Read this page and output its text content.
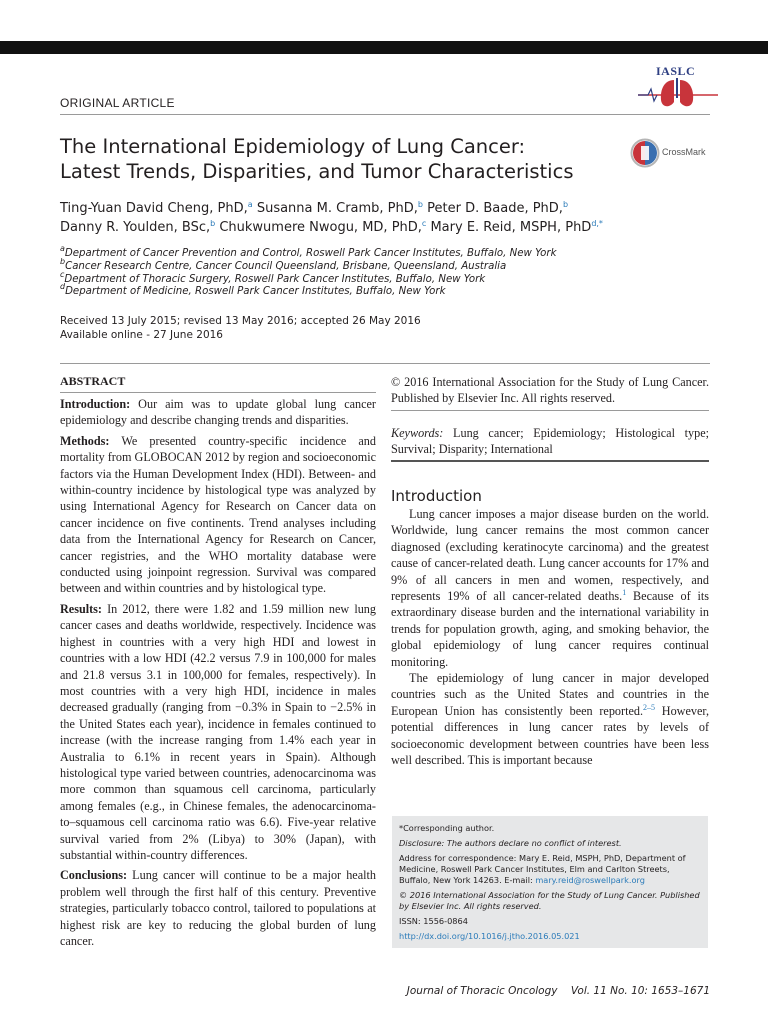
IASLC
ORIGINAL ARTICLE
The International Epidemiology of Lung Cancer:
Latest Trends, Disparities, and Tumor Characteristics
CrossMark
Ting-Yuan David Cheng, PhD,$^a$ Susanna M. Cramb, PhD,$^b$ Peter D. Baade, PhD,$^b$
Danny R. Youlden, BSc,$^b$ Chukwumere Nwogu, MD, PhD,$^c$ Mary E. Reid, MSPH, PhD$^{d,*}$
$^a$Department of Cancer Prevention and Control, Roswell Park Cancer Institutes, Buffalo, New York
$^b$Cancer Research Centre, Cancer Council Queensland, Brisbane, Queensland, Australia
$^c$Department of Thoracic Surgery, Roswell Park Cancer Institutes, Buffalo, New York
$^d$Department of Medicine, Roswell Park Cancer Institutes, Buffalo, New York
Received 13 July 2015; revised 13 May 2016; accepted 26 May 2016
Available online - 27 June 2016
ABSTRACT

Introduction: Our aim was to update global lung cancer epidemiology and describe changing trends and disparities.

Methods: We presented country-specific incidence and mortality from GLOBOCAN 2012 by region and socioeconomic factors via the Human Development Index (HDI). Between- and within-country incidence by histological type was analyzed by using International Agency for Research on Cancer data on cancer incidence on five continents. Trend analyses including data from the International Agency for Research on Cancer, cancer registries, and the WHO mortality database were conducted using joinpoint regression. Survival was compared between and within countries and by histological type.

Results: In 2012, there were 1.82 and 1.59 million new lung cancer cases and deaths worldwide, respectively. Incidence was highest in countries with a very high HDI and lowest in countries with a low HDI (42.2 versus 7.9 in 100,000 for males and 21.8 versus 3.1 in 100,000 for females, respectively). In most countries with a very high HDI, incidence in males decreased gradually (ranging from −0.3% in Spain to −2.5% in the United States each year), incidence in females continued to increase (with the increase ranging from 1.4% each year in Australia to 6.1% in recent years in Spain). Although histological type varied between countries, adenocarcinoma was more common than squamous cell carcinoma, particularly among females (e.g., in Chinese females, the adenocarcinoma-to–squamous cell carcinoma ratio was 6.6). Five-year relative survival varied from 2% (Libya) to 30% (Japan), with substantial within-country differences.

Conclusions: Lung cancer will continue to be a major health problem well through the first half of this century. Preventive strategies, particularly tobacco control, tailored to populations at highest risk are key to reducing the global burden of lung cancer.

© 2016 International Association for the Study of Lung Cancer. Published by Elsevier Inc. All rights reserved.

Keywords: Lung cancer; Epidemiology; Histological type; Survival; Disparity; International

Introduction

Lung cancer imposes a major disease burden on the world. Worldwide, lung cancer remains the most common cancer diagnosed (excluding keratinocyte carcinoma) and the greatest cause of cancer-related death. Lung cancer accounts for 17% and 9% of all cancers in men and women, respectively, and represents 19% of all cancer-related deaths.$^1$ Because of its extraordinary disease burden and the international variability in trends for population growth, aging, and smoking behavior, the global epidemiology of lung cancer requires continual monitoring.

The epidemiology of lung cancer in major developed countries such as the United States and countries in the European Union has consistently been reported.$^{2-5}$ However, potential differences in lung cancer rates by levels of socioeconomic development between countries have been less well described. This is important because

*Corresponding author.

Disclosure: The authors declare no conflict of interest.

Address for correspondence: Mary E. Reid, MSPH, PhD, Department of Medicine, Roswell Park Cancer Institutes, Elm and Carlton Streets, Buffalo, New York 14263. E-mail: mary.reid@roswellpark.org

© 2016 International Association for the Study of Lung Cancer. Published by Elsevier Inc. All rights reserved.

ISSN: 1556-0864

http://dx.doi.org/10.1016/j.jtho.2016.05.021

Journal of Thoracic Oncology Vol. 11 No. 10: 1653–1671
